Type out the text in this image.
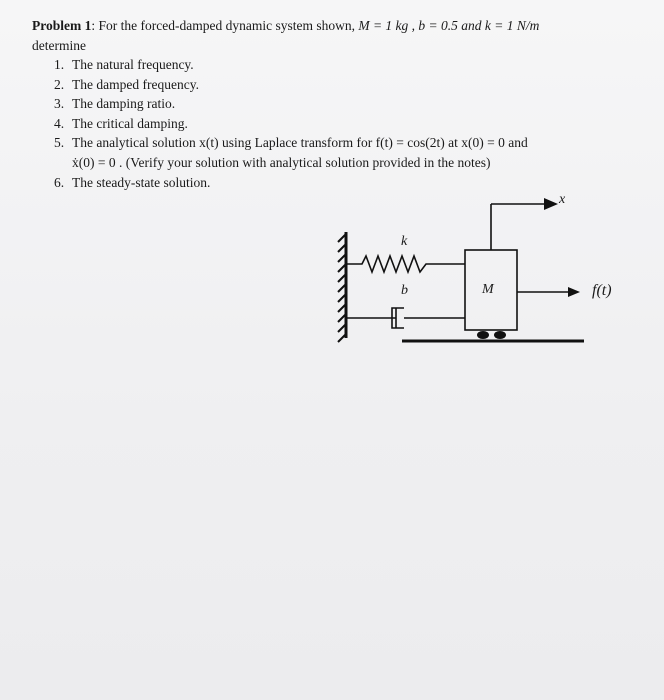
Problem 1: For the forced-damped dynamic system shown, M = 1 kg , b = 0.5 and k = 1 N/m
determine
1. The natural frequency.
2. The damped frequency.
3. The damping ratio.
4. The critical damping.
5. The analytical solution x(t) using Laplace transform for f(t) = cos(2t) at x(0) = 0 and
ẋ(0) = 0 . (Verify your solution with analytical solution provided in the notes)
6. The steady-state solution.
x
k
b	M	f(t)
